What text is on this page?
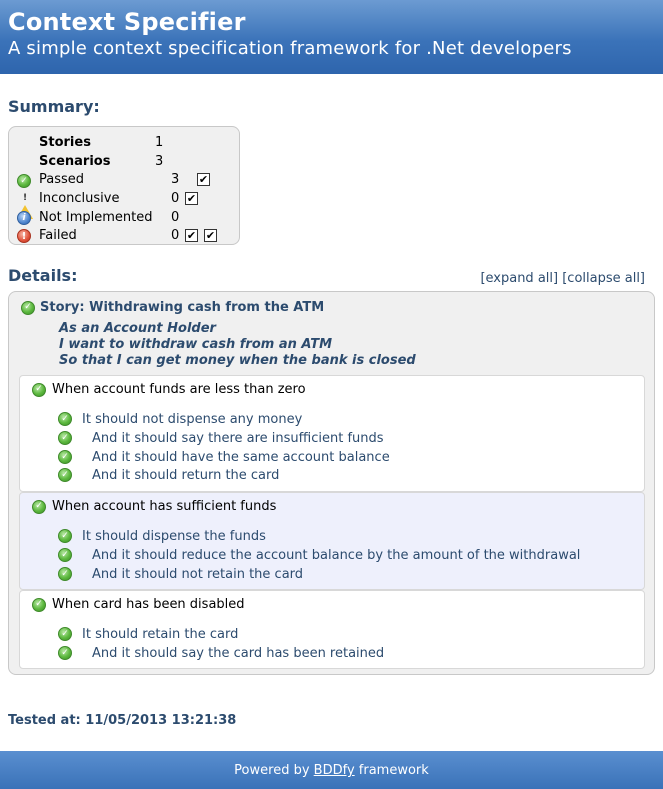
Context Specifier
A simple context specification framework for .Net developers
Summary:
Stories	1
Scenarios	3
✓ Passed	3 ✔
! Inconclusive	0 ✔
i	Not Implemented	0
! Failed	0 ✔ ✔
Details:	[expand all] [collapse all]
✓ Story: Withdrawing cash from the ATM
As an Account Holder
I want to withdraw cash from an ATM
So that I can get money when the bank is closed
✓ When account funds are less than zero
✓ It should not dispense any money
✓	And it should say there are insufficient funds
✓	And it should have the same account balance
✓	And it should return the card
✓ When account has sufficient funds
✓ It should dispense the funds
✓	And it should reduce the account balance by the amount of the withdrawal
✓	And it should not retain the card
✓ When card has been disabled
✓ It should retain the card
✓	And it should say the card has been retained
Tested at: 11/05/2013 13:21:38
Powered by BDDfy framework
